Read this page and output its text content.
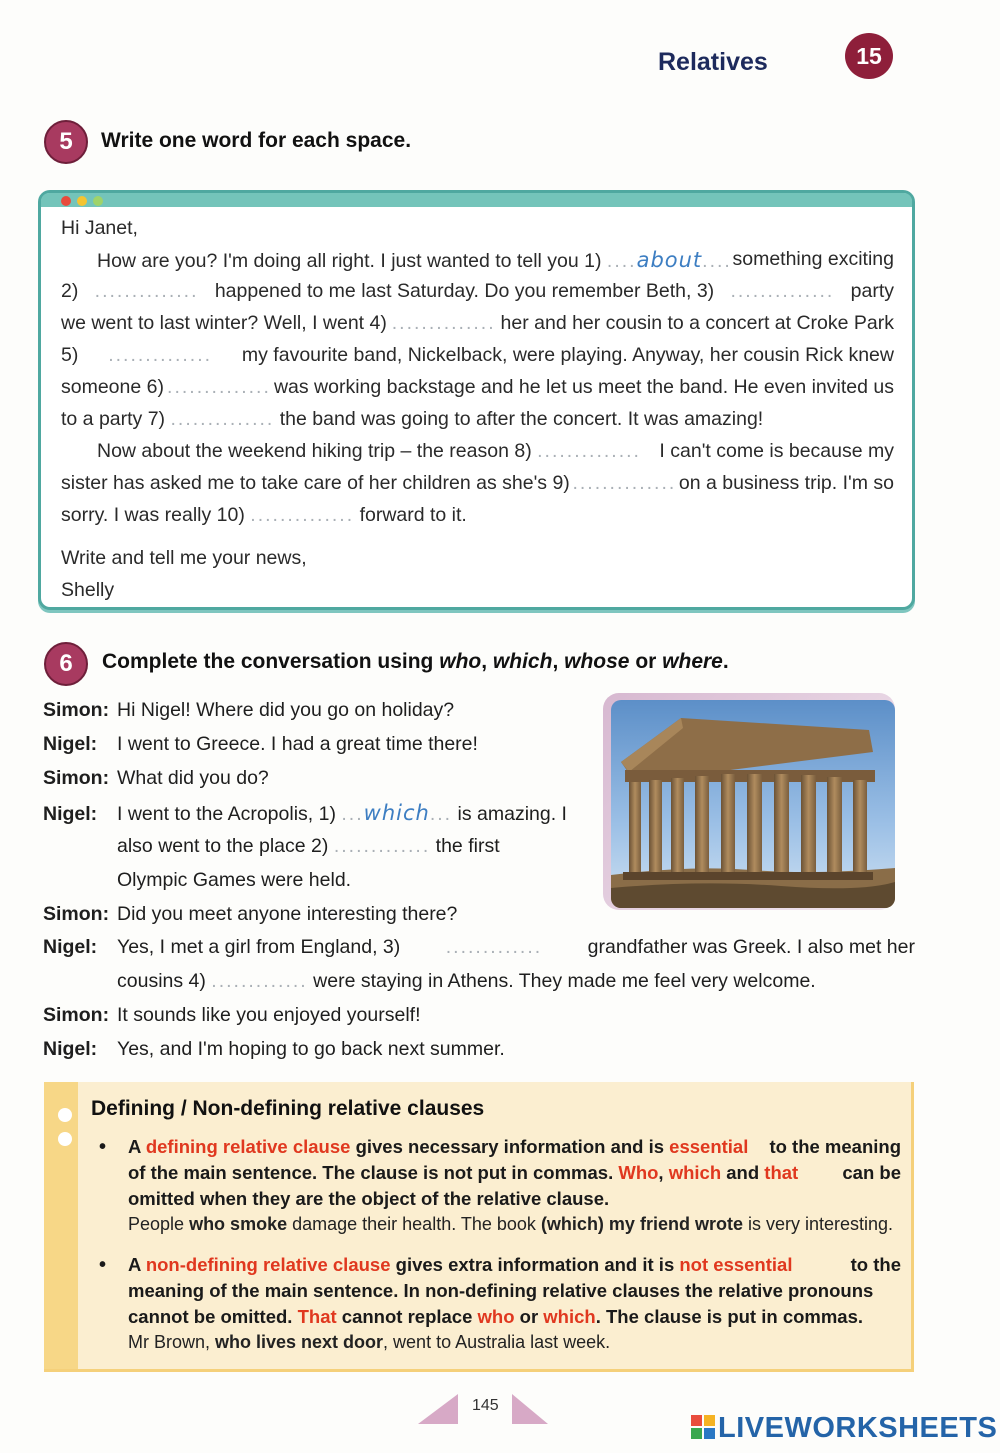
Relatives	15
5	Write one word for each space.
Hi Janet,
How are you? I'm doing all right. I just wanted to tell you 1) ....about.... something exciting
2) .............. happened to me last Saturday. Do you remember Beth, 3) .............. party
we went to last winter? Well, I went 4) .............. her and her cousin to a concert at Croke Park
5) .............. my favourite band, Nickelback, were playing. Anyway, her cousin Rick knew
someone 6) .............. was working backstage and he let us meet the band. He even invited us
to a party 7) .............. the band was going to after the concert. It was amazing!
Now about the weekend hiking trip – the reason 8) .............. I can't come is because my
sister has asked me to take care of her children as she's 9) .............. on a business trip. I'm so
sorry. I was really 10) .............. forward to it.
Write and tell me your news,
Shelly
6	Complete the conversation using who, which, whose or where.
Simon: Hi Nigel! Where did you go on holiday?
Nigel: I went to Greece. I had a great time there!
Simon: What did you do?
Nigel: I went to the Acropolis, 1) ...which... is amazing. I
also went to the place 2) ............. the first
Olympic Games were held.
Simon: Did you meet anyone interesting there?
Nigel:	Yes, I met a girl from England, 3) ............. grandfather was Greek. I also met her
cousins 4) ............. were staying in Athens. They made me feel very welcome.
Simon: It sounds like you enjoyed yourself!
Nigel: Yes, and I'm hoping to go back next summer.
Defining / Non-defining relative clauses
• A defining relative clause gives necessary information and is essential to the meaning
of the main sentence. The clause is not put in commas. Who, which and that can be
omitted when they are the object of the relative clause.
People who smoke damage their health. The book (which) my friend wrote is very interesting.
• A non-defining relative clause gives extra information and it is not essential	to the
meaning of the main sentence. In non-defining relative clauses the relative pronouns
cannot be omitted. That cannot replace who or which. The clause is put in commas.
Mr Brown, who lives next door, went to Australia last week.
145
LIVEWORKSHEETS
